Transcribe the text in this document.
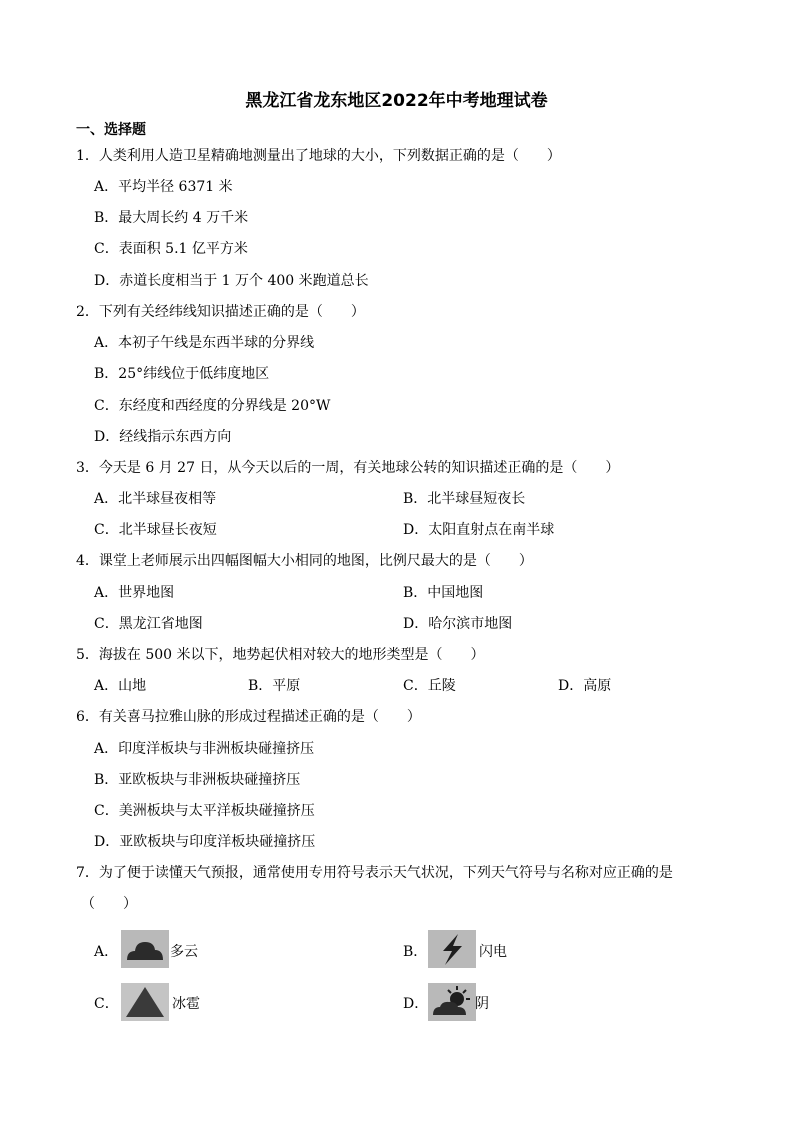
黑龙江省龙东地区2022年中考地理试卷
一、选择题
1．人类利用人造卫星精确地测量出了地球的大小，下列数据正确的是（　　）
A．平均半径 6371 米
B．最大周长约 4 万千米
C．表面积 5.1 亿平方米
D．赤道长度相当于 1 万个 400 米跑道总长
2．下列有关经纬线知识描述正确的是（　　）
A．本初子午线是东西半球的分界线
B．25°纬线位于低纬度地区
C．东经度和西经度的分界线是 20°W
D．经线指示东西方向
3．今天是 6 月 27 日，从今天以后的一周，有关地球公转的知识描述正确的是（　　）
A．北半球昼夜相等	B．北半球昼短夜长
C．北半球昼长夜短	D．太阳直射点在南半球
4．课堂上老师展示出四幅图幅大小相同的地图，比例尺最大的是（　　）
A．世界地图	B．中国地图
C．黑龙江省地图	D．哈尔滨市地图
5．海拔在 500 米以下，地势起伏相对较大的地形类型是（　　）
A．山地	B．平原	C．丘陵	D．高原
6．有关喜马拉雅山脉的形成过程描述正确的是（　　）
A．印度洋板块与非洲板块碰撞挤压
B．亚欧板块与非洲板块碰撞挤压
C．美洲板块与太平洋板块碰撞挤压
D．亚欧板块与印度洋板块碰撞挤压
7．为了便于读懂天气预报，通常使用专用符号表示天气状况，下列天气符号与名称对应正确的是
（　　）
A．	多云	B．	闪电
C．	冰雹	D．	阴
